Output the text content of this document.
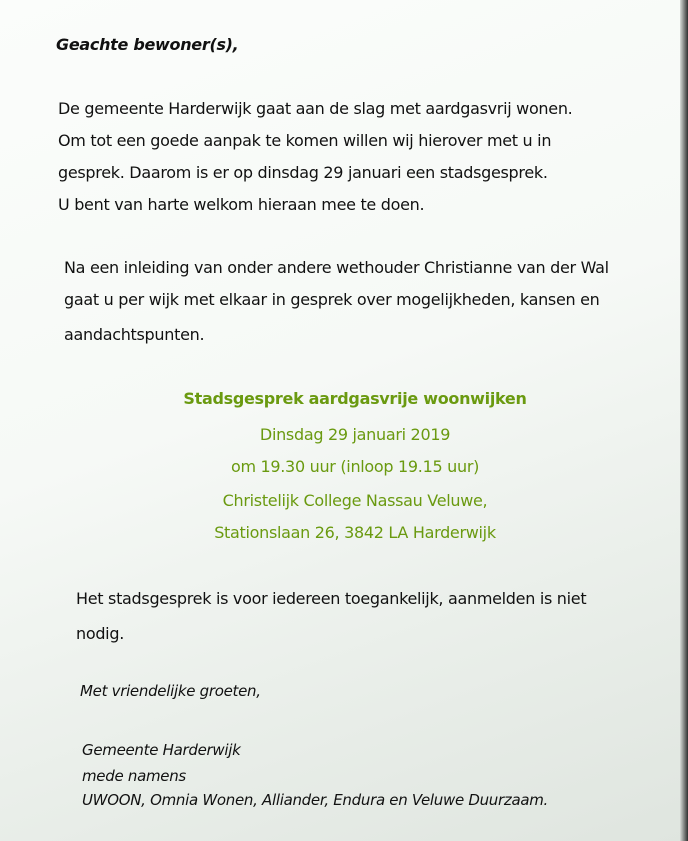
Geachte bewoner(s),
De gemeente Harderwijk gaat aan de slag met aardgasvrij wonen.
Om tot een goede aanpak te komen willen wij hierover met u in
gesprek. Daarom is er op dinsdag 29 januari een stadsgesprek.
U bent van harte welkom hieraan mee te doen.
Na een inleiding van onder andere wethouder Christianne van der Wal
gaat u per wijk met elkaar in gesprek over mogelijkheden, kansen en
aandachtspunten.
Stadsgesprek aardgasvrije woonwijken
Dinsdag 29 januari 2019
om 19.30 uur (inloop 19.15 uur)
Christelijk College Nassau Veluwe,
Stationslaan 26, 3842 LA Harderwijk
Het stadsgesprek is voor iedereen toegankelijk, aanmelden is niet
nodig.
Met vriendelijke groeten,
Gemeente Harderwijk
mede namens
UWOON, Omnia Wonen, Alliander, Endura en Veluwe Duurzaam.
